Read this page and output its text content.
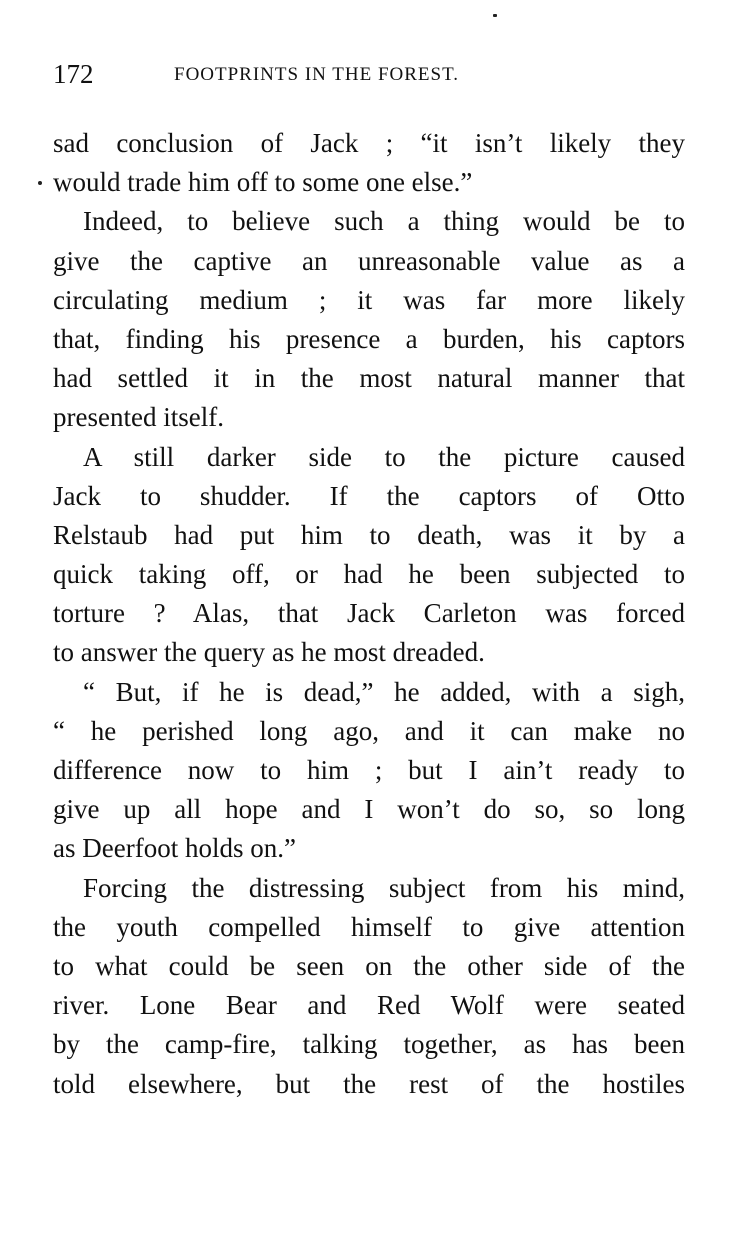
172	FOOTPRINTS IN THE FOREST.

sad conclusion of Jack ; “it isn’t likely they
would trade him off to some one else.”

Indeed, to believe such a thing would be to
give the captive an unreasonable value as a
circulating medium ; it was far more likely
that, finding his presence a burden, his captors
had settled it in the most natural manner that
presented itself.

A still darker side to the picture caused
Jack to shudder. If the captors of Otto
Relstaub had put him to death, was it by a
quick taking off, or had he been subjected to
torture ? Alas, that Jack Carleton was forced
to answer the query as he most dreaded.

“ But, if he is dead,” he added, with a sigh,
“ he perished long ago, and it can make no
difference now to him ; but I ain’t ready to
give up all hope and I won’t do so, so long
as Deerfoot holds on.”

Forcing the distressing subject from his mind,
the youth compelled himself to give attention
to what could be seen on the other side of the
river. Lone Bear and Red Wolf were seated
by the camp-fire, talking together, as has been
told elsewhere, but the rest of the hostiles
